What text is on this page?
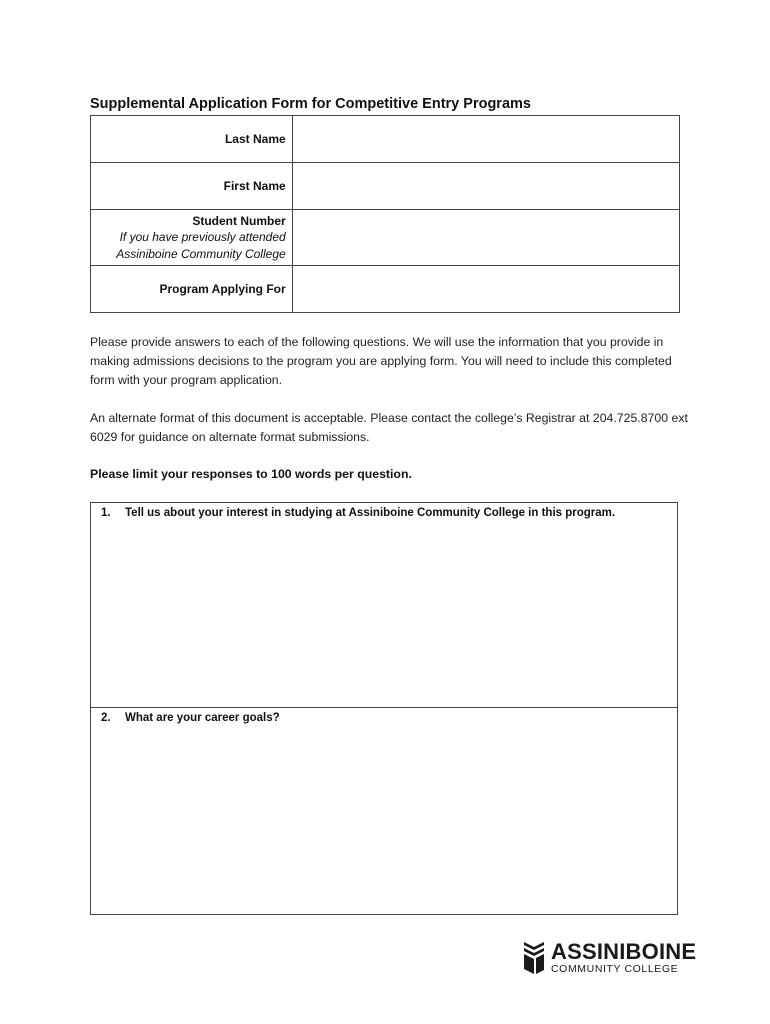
Supplemental Application Form for Competitive Entry Programs
Last Name	
First Name	
Student Number
If you have previously attended
Assiniboine Community College

Program Applying For	
Please provide answers to each of the following questions. We will use the information that you provide in making admissions decisions to the program you are applying form. You will need to include this completed form with your program application.
An alternate format of this document is acceptable. Please contact the college’s Registrar at 204.725.8700 ext 6029 for guidance on alternate format submissions.
Please limit your responses to 100 words per question.
1. Tell us about your interest in studying at Assiniboine Community College in this program.
2. What are your career goals?
ASSINIBOINE
COMMUNITY COLLEGE
